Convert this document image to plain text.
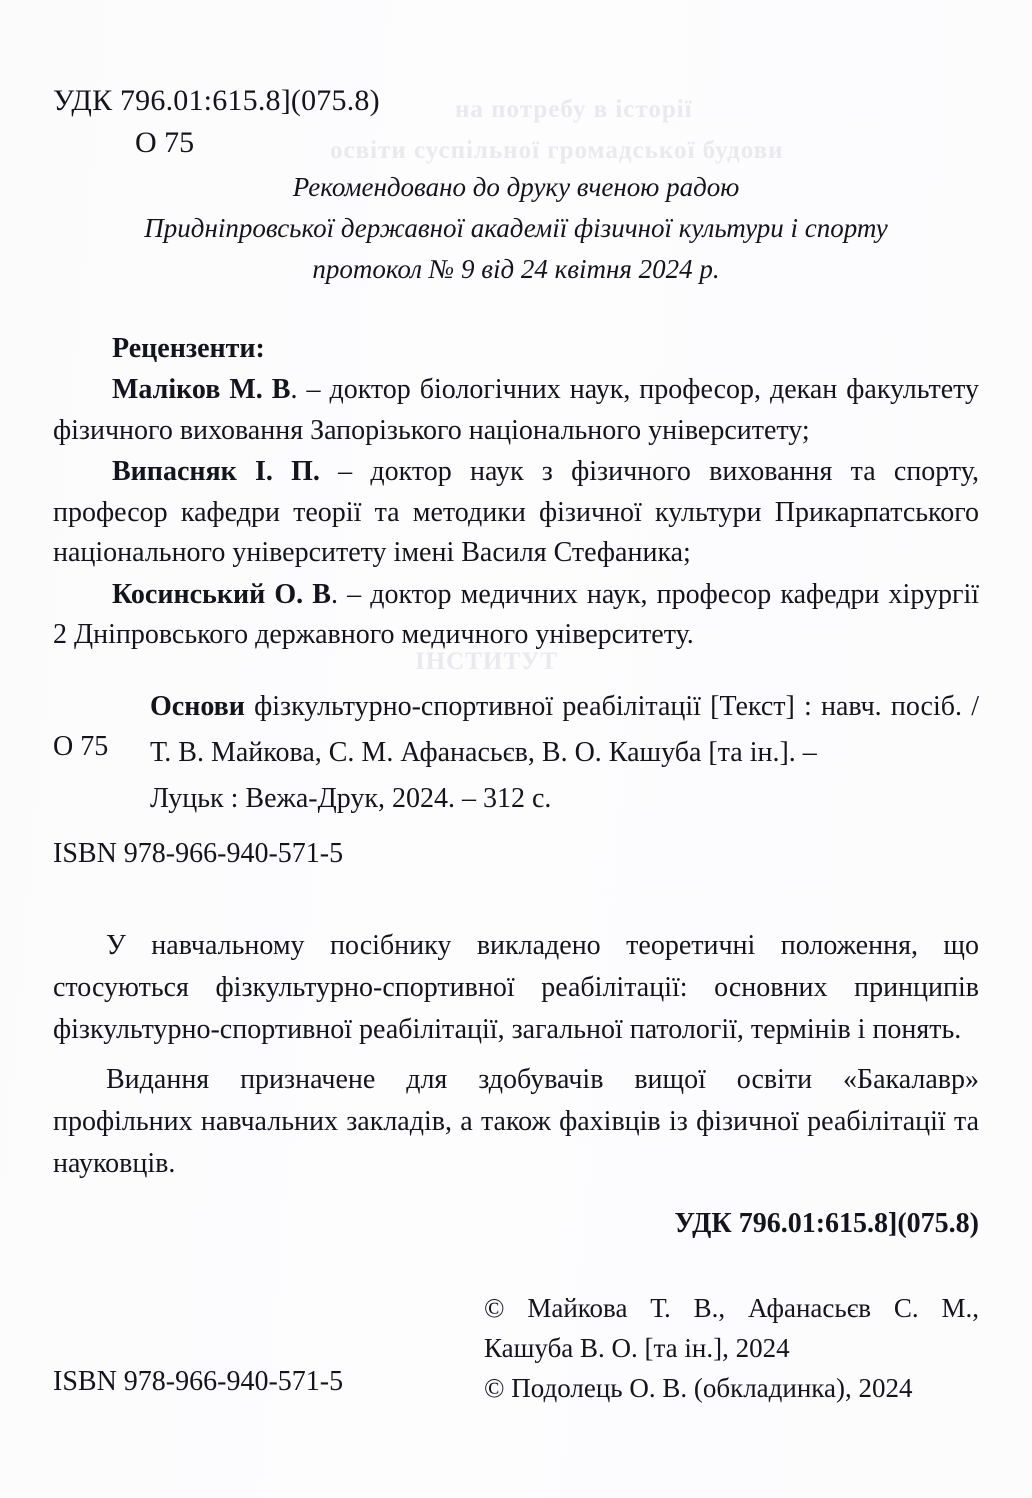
на потребу в історії
освіти суспільної громадської будови
ІНСТИТУТ
УДК 796.01:615.8](075.8)
О 75
Рекомендовано до друку вченою радою
Придніпровської державної академії фізичної культури і спорту
протокол № 9 від 24 квітня 2024 р.
Рецензенти:
Маліков М. В. – доктор біологічних наук, професор, декан факультету фізичного виховання Запорізького національного університету;
Випасняк І. П. – доктор наук з фізичного виховання та спорту, професор кафедри теорії та методики фізичної культури Прикарпатського національного університету імені Василя Стефаника;
Косинський О. В. – доктор медичних наук, професор кафедри хірургії 2 Дніпровського державного медичного університету.
О 75
Основи фізкультурно-спортивної реабілітації [Текст] : навч. посіб. / Т. В. Майкова, С. М. Афанасьєв, В. О. Кашуба [та ін.]. –
Луцьк : Вежа-Друк, 2024. – 312 с.
ISBN 978-966-940-571-5

У навчальному посібнику викладено теоретичні положення, що стосуються фізкультурно-спортивної реабілітації: основних принципів фізкультурно-спортивної реабілітації, загальної патології, термінів і понять.

Видання призначене для здобувачів вищої освіти «Бакалавр» профільних навчальних закладів, а також фахівців із фізичної реабілітації та науковців.

УДК 796.01:615.8](075.8)
© Майкова Т. В., Афанасьєв С. М.,
Кашуба В. О. [та ін.], 2024
© Подолець О. В. (обкладинка), 2024
ISBN 978-966-940-571-5
